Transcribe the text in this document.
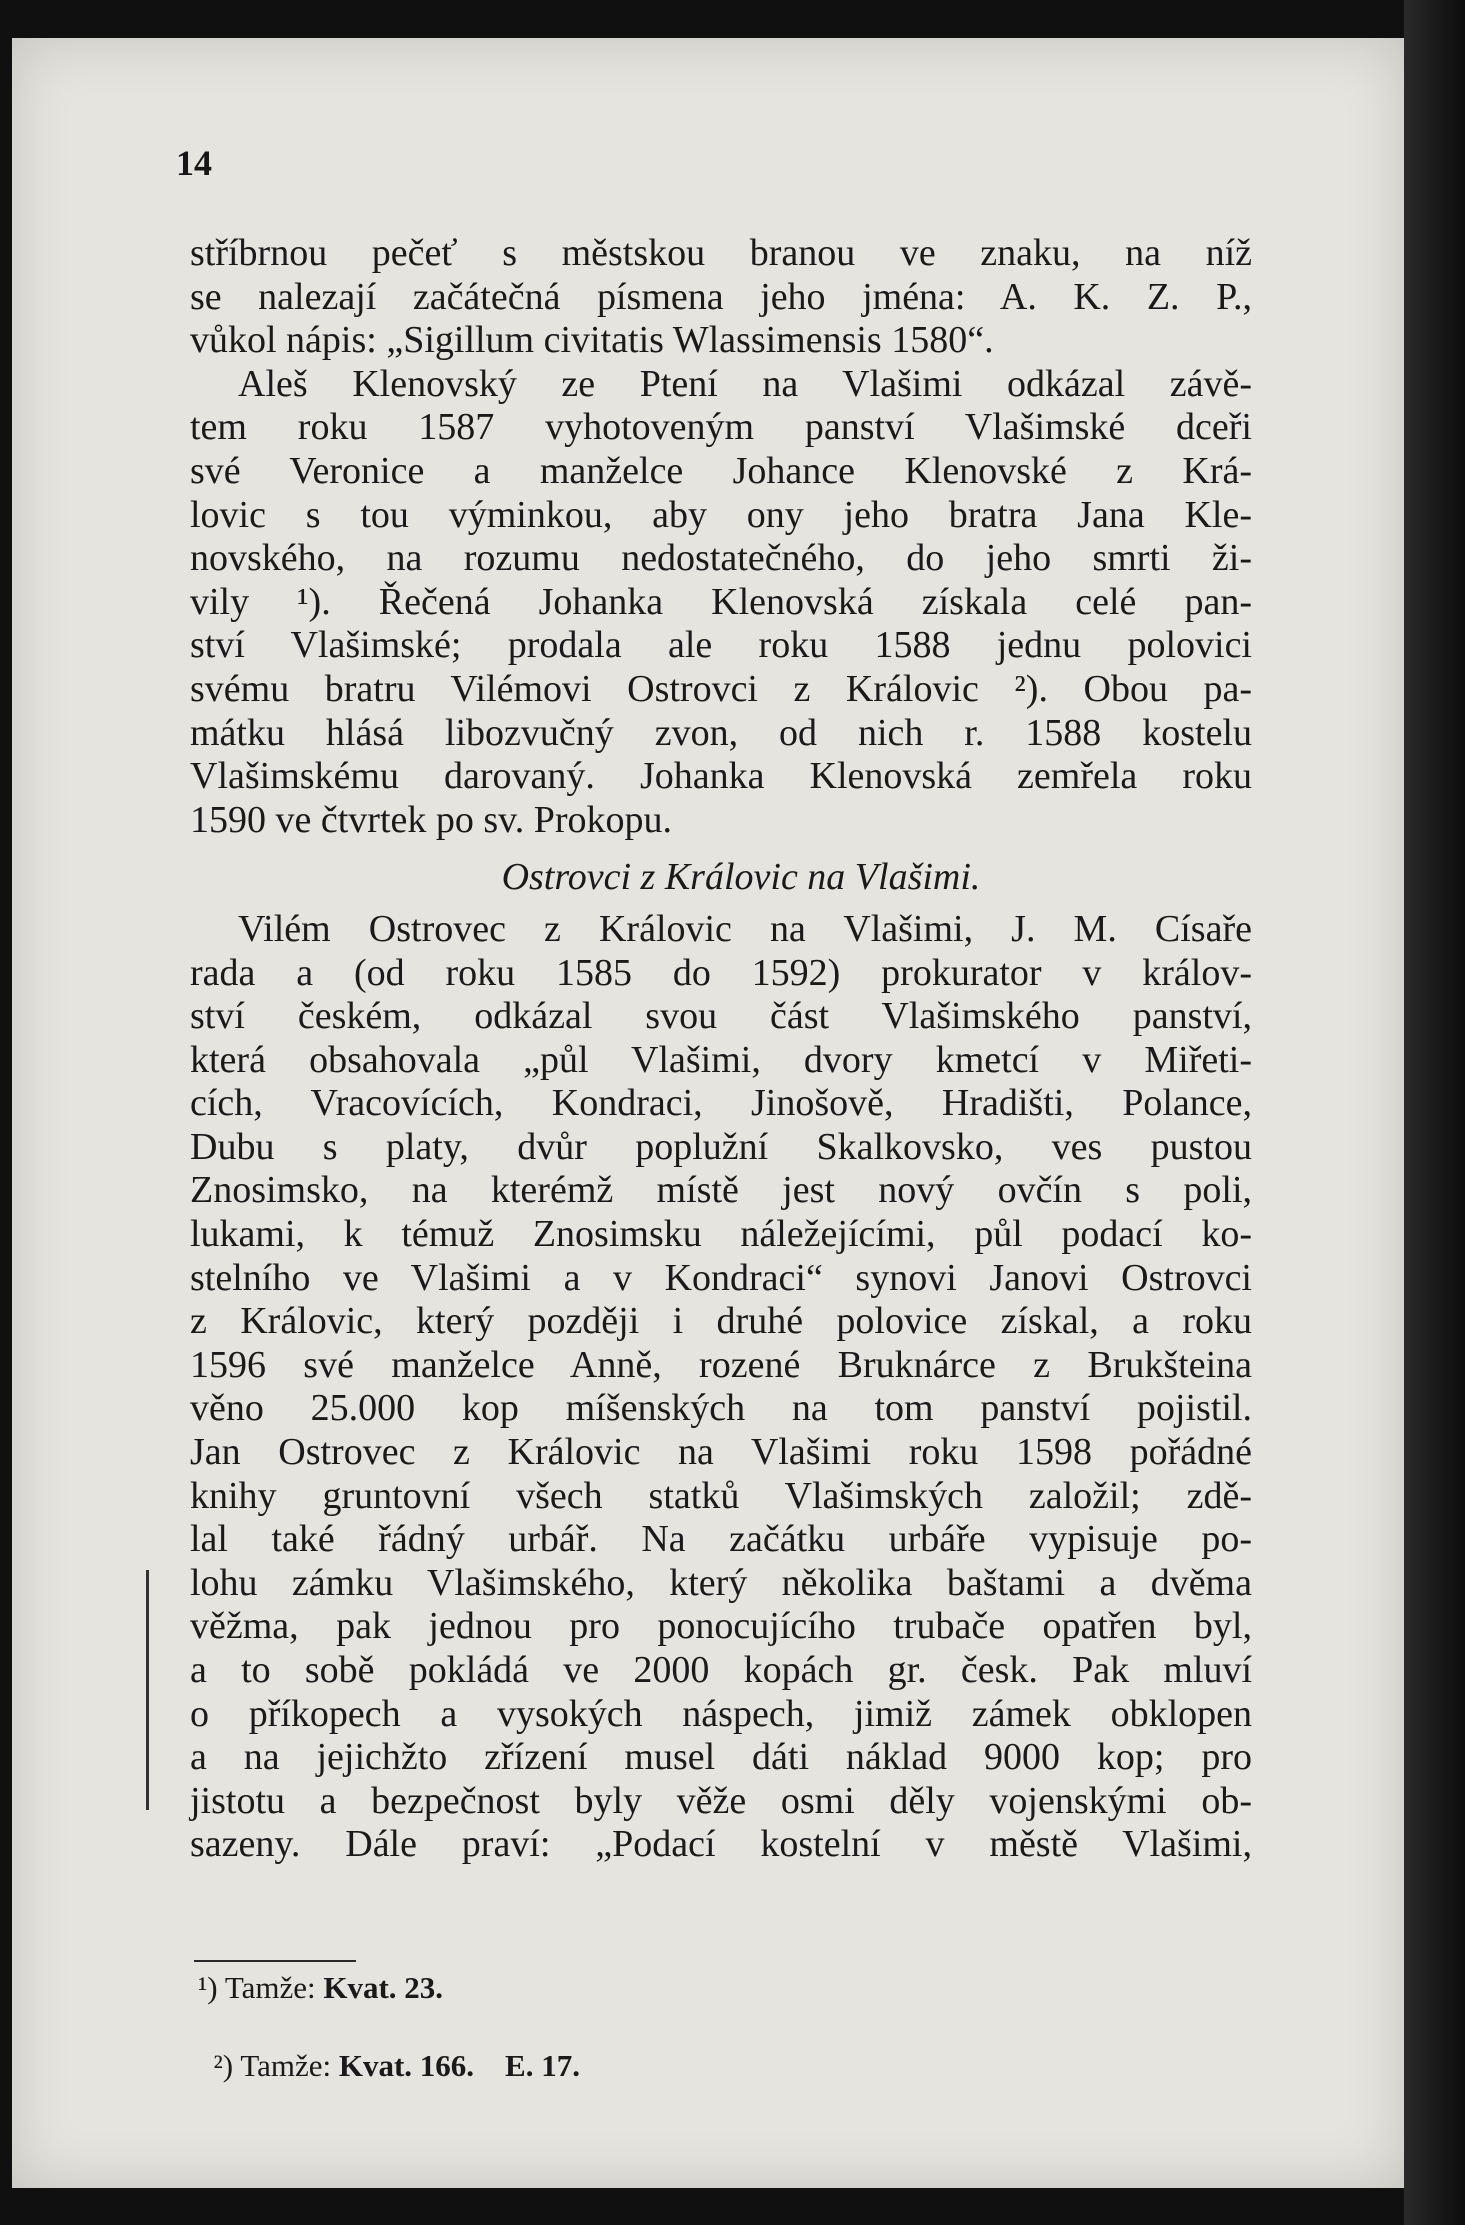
14
stříbrnou pečeť s městskou branou ve znaku, na níž
se nalezají začátečná písmena jeho jména: A. K. Z. P.,
vůkol nápis: „Sigillum civitatis Wlassimensis 1580“.
Aleš Klenovský ze Ptení na Vlašimi odkázal závě-
tem roku 1587 vyhotoveným panství Vlašimské dceři
své Veronice a manželce Johance Klenovské z Krá-
lovic s tou výminkou, aby ony jeho bratra Jana Kle-
novského, na rozumu nedostatečného, do jeho smrti ži-
vily ¹). Řečená Johanka Klenovská získala celé pan-
ství Vlašimské; prodala ale roku 1588 jednu polovici
svému bratru Vilémovi Ostrovci z Královic ²). Obou pa-
mátku hlásá libozvučný zvon, od nich r. 1588 kostelu
Vlašimskému darovaný. Johanka Klenovská zemřela roku
1590 ve čtvrtek po sv. Prokopu.
Ostrovci z Královic na Vlašimi.
Vilém Ostrovec z Královic na Vlašimi, J. M. Císaře
rada a (od roku 1585 do 1592) prokurator v králov-
ství českém, odkázal svou část Vlašimského panství,
která obsahovala „půl Vlašimi, dvory kmetcí v Miřeti-
cích, Vracovících, Kondraci, Jinošově, Hradišti, Polance,
Dubu s platy, dvůr poplužní Skalkovsko, ves pustou
Znosimsko, na kterémž místě jest nový ovčín s poli,
lukami, k témuž Znosimsku náležejícími, půl podací ko-
stelního ve Vlašimi a v Kondraci“ synovi Janovi Ostrovci
z Královic, který později i druhé polovice získal, a roku
1596 své manželce Anně, rozené Bruknárce z Brukšteina
věno 25.000 kop míšenských na tom panství pojistil.
Jan Ostrovec z Královic na Vlašimi roku 1598 pořádné
knihy gruntovní všech statků Vlašimských založil; zdě-
lal také řádný urbář. Na začátku urbáře vypisuje po-
lohu zámku Vlašimského, který několika baštami a dvěma
věžma, pak jednou pro ponocujícího trubače opatřen byl,
a to sobě pokládá ve 2000 kopách gr. česk. Pak mluví
o příkopech a vysokých náspech, jimiž zámek obklopen
a na jejichžto zřízení musel dáti náklad 9000 kop; pro
jistotu a bezpečnost byly věže osmi děly vojenskými ob-
sazeny. Dále praví: „Podací kostelní v městě Vlašimi,
¹) Tamže: Kvat. 23.

²) Tamže: Kvat. 166.    E. 17.
